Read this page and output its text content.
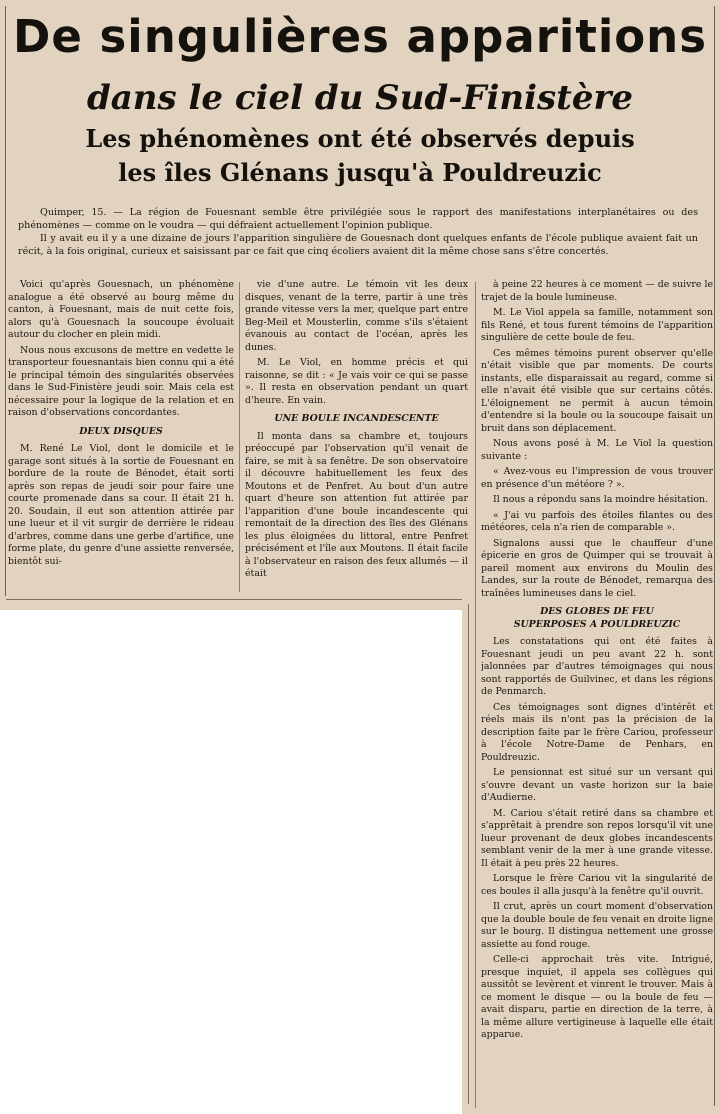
De singulières apparitions
dans le ciel du Sud-Finistère
Les phénomènes ont été observés depuis
les îles Glénans jusqu'à Pouldreuzic

Quimper, 15. — La région de Fouesnant semble être privilégiée sous le rapport des manifestations interplanétaires ou des phénomènes — comme on le voudra — qui défraient actuellement l'opinion publique.

Il y avait eu il y a une dizaine de jours l'apparition singulière de Gouesnach dont quelques enfants de l'école publique avaient fait un récit, à la fois original, curieux et saisissant par ce fait que cinq écoliers avaient dit la même chose sans s'être concertés.

Voici qu'après Gouesnach, un phénomène analogue a été observé au bourg même du canton, à Fouesnant, mais de nuit cette fois, alors qu'à Gouesnach la soucoupe évoluait autour du clocher en plein midi.

Nous nous excusons de mettre en vedette le transporteur fouesnantais bien connu qui a été le principal témoin des singularités observées dans le Sud-Finistère jeudi soir. Mais cela est nécessaire pour la logique de la relation et en raison d'observations concordantes.

DEUX DISQUES

M. René Le Viol, dont le domicile et le garage sont situés à la sortie de Fouesnant en bordure de la route de Bénodet, était sorti après son repas de jeudi soir pour faire une courte promenade dans sa cour. Il était 21 h. 20. Soudain, il eut son attention attirée par une lueur et il vit surgir de derrière le rideau d'arbres, comme dans une gerbe d'artifice, une forme plate, du genre d'une assiette renversée, bientôt sui-

vie d'une autre. Le témoin vit les deux disques, venant de la terre, partir à une très grande vitesse vers la mer, quelque part entre Beg-Meil et Mousterlin, comme s'ils s'étaient évanouis au contact de l'océan, après les dunes.

M. Le Viol, en homme précis et qui raisonne, se dit : « Je vais voir ce qui se passe ». Il resta en observation pendant un quart d'heure. En vain.

UNE BOULE INCANDESCENTE

Il monta dans sa chambre et, toujours préoccupé par l'observation qu'il venait de faire, se mit à sa fenêtre. De son observatoire il découvre habituellement les feux des Moutons et de Penfret. Au bout d'un autre quart d'heure son attention fut attirée par l'apparition d'une boule incandescente qui remontait de la direction des îles des Glénans les plus éloignées du littoral, entre Penfret précisément et l'île aux Moutons. Il était facile à l'observateur en raison des feux allumés — il était

à peine 22 heures à ce moment — de suivre le trajet de la boule lumineuse.

M. Le Viol appela sa famille, notamment son fils René, et tous furent témoins de l'apparition singulière de cette boule de feu.

Ces mêmes témoins purent observer qu'elle n'était visible que par moments. De courts instants, elle disparaissait au regard, comme si elle n'avait été visible que sur certains côtés. L'éloignement ne permit à aucun témoin d'entendre si la boule ou la soucoupe faisait un bruit dans son déplacement.

Nous avons posé à M. Le Viol la question suivante :

« Avez-vous eu l'impression de vous trouver en présence d'un météore ? ».

Il nous a répondu sans la moindre hésitation.

« J'ai vu parfois des étoiles filantes ou des météores, cela n'a rien de comparable ».

Signalons aussi que le chauffeur d'une épicerie en gros de Quimper qui se trouvait à pareil moment aux environs du Moulin des Landes, sur la route de Bénodet, remarqua des traînées lumineuses dans le ciel.

DES GLOBES DE FEU
SUPERPOSES A POULDREUZIC

Les constatations qui ont été faites à Fouesnant jeudi un peu avant 22 h. sont jalonnées par d'autres témoignages qui nous sont rapportés de Guilvinec, et dans les régions de Penmarch.

Ces témoignages sont dignes d'intérêt et réels mais ils n'ont pas la précision de la description faite par le frère Cariou, professeur à l'école Notre-Dame de Penhars, en Pouldreuzic.

Le pensionnat est situé sur un versant qui s'ouvre devant un vaste horizon sur la baie d'Audierne.

M. Cariou s'était retiré dans sa chambre et s'apprêtait à prendre son repos lorsqu'il vit une lueur provenant de deux globes incandescents semblant venir de la mer à une grande vitesse. Il était à peu près 22 heures.

Lorsque le frère Cariou vit la singularité de ces boules il alla jusqu'à la fenêtre qu'il ouvrit.

Il crut, après un court moment d'observation que la double boule de feu venait en droite ligne sur le bourg. Il distingua nettement une grosse assiette au fond rouge.

Celle-ci approchait très vite. Intrigué, presque inquiet, il appela ses collègues qui aussitôt se levèrent et vinrent le trouver. Mais à ce moment le disque — ou la boule de feu — avait disparu, partie en direction de la terre, à la même allure vertigineuse à laquelle elle était apparue.
